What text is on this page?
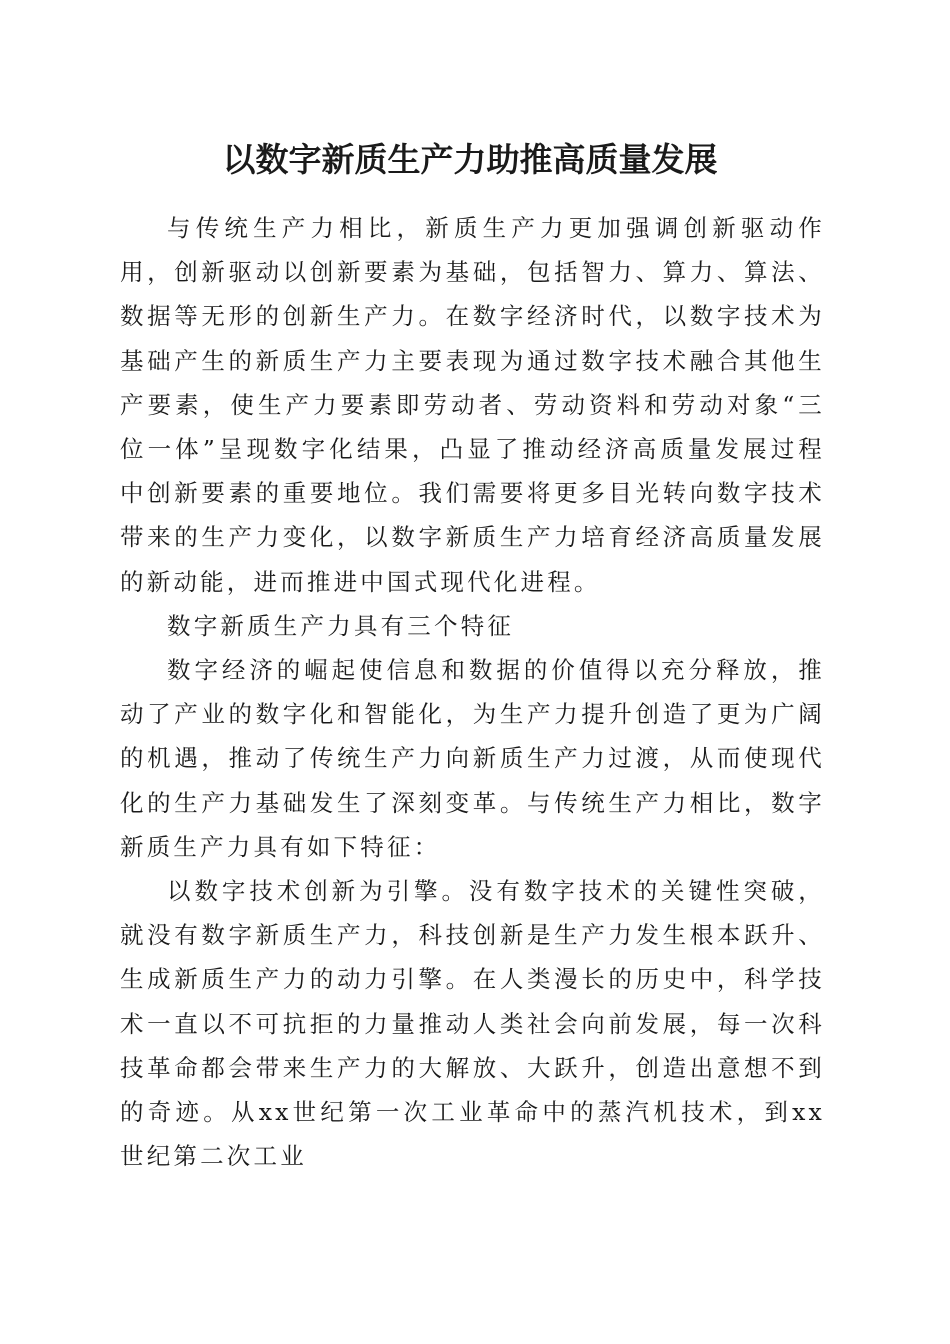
以数字新质生产力助推高质量发展

与传统生产力相比，新质生产力更加强调创新驱动作用，创新驱动以创新要素为基础，包括智力、算力、算法、数据等无形的创新生产力。在数字经济时代，以数字技术为基础产生的新质生产力主要表现为通过数字技术融合其他生产要素，使生产力要素即劳动者、劳动资料和劳动对象“三位一体”呈现数字化结果，凸显了推动经济高质量发展过程中创新要素的重要地位。我们需要将更多目光转向数字技术带来的生产力变化，以数字新质生产力培育经济高质量发展的新动能，进而推进中国式现代化进程。

数字新质生产力具有三个特征

数字经济的崛起使信息和数据的价值得以充分释放，推动了产业的数字化和智能化，为生产力提升创造了更为广阔的机遇，推动了传统生产力向新质生产力过渡，从而使现代化的生产力基础发生了深刻变革。与传统生产力相比，数字新质生产力具有如下特征：

以数字技术创新为引擎。没有数字技术的关键性突破，就没有数字新质生产力，科技创新是生产力发生根本跃升、生成新质生产力的动力引擎。在人类漫长的历史中，科学技术一直以不可抗拒的力量推动人类社会向前发展，每一次科技革命都会带来生产力的大解放、大跃升，创造出意想不到的奇迹。从xx世纪第一次工业革命中的蒸汽机技术，到xx世纪第二次工业
